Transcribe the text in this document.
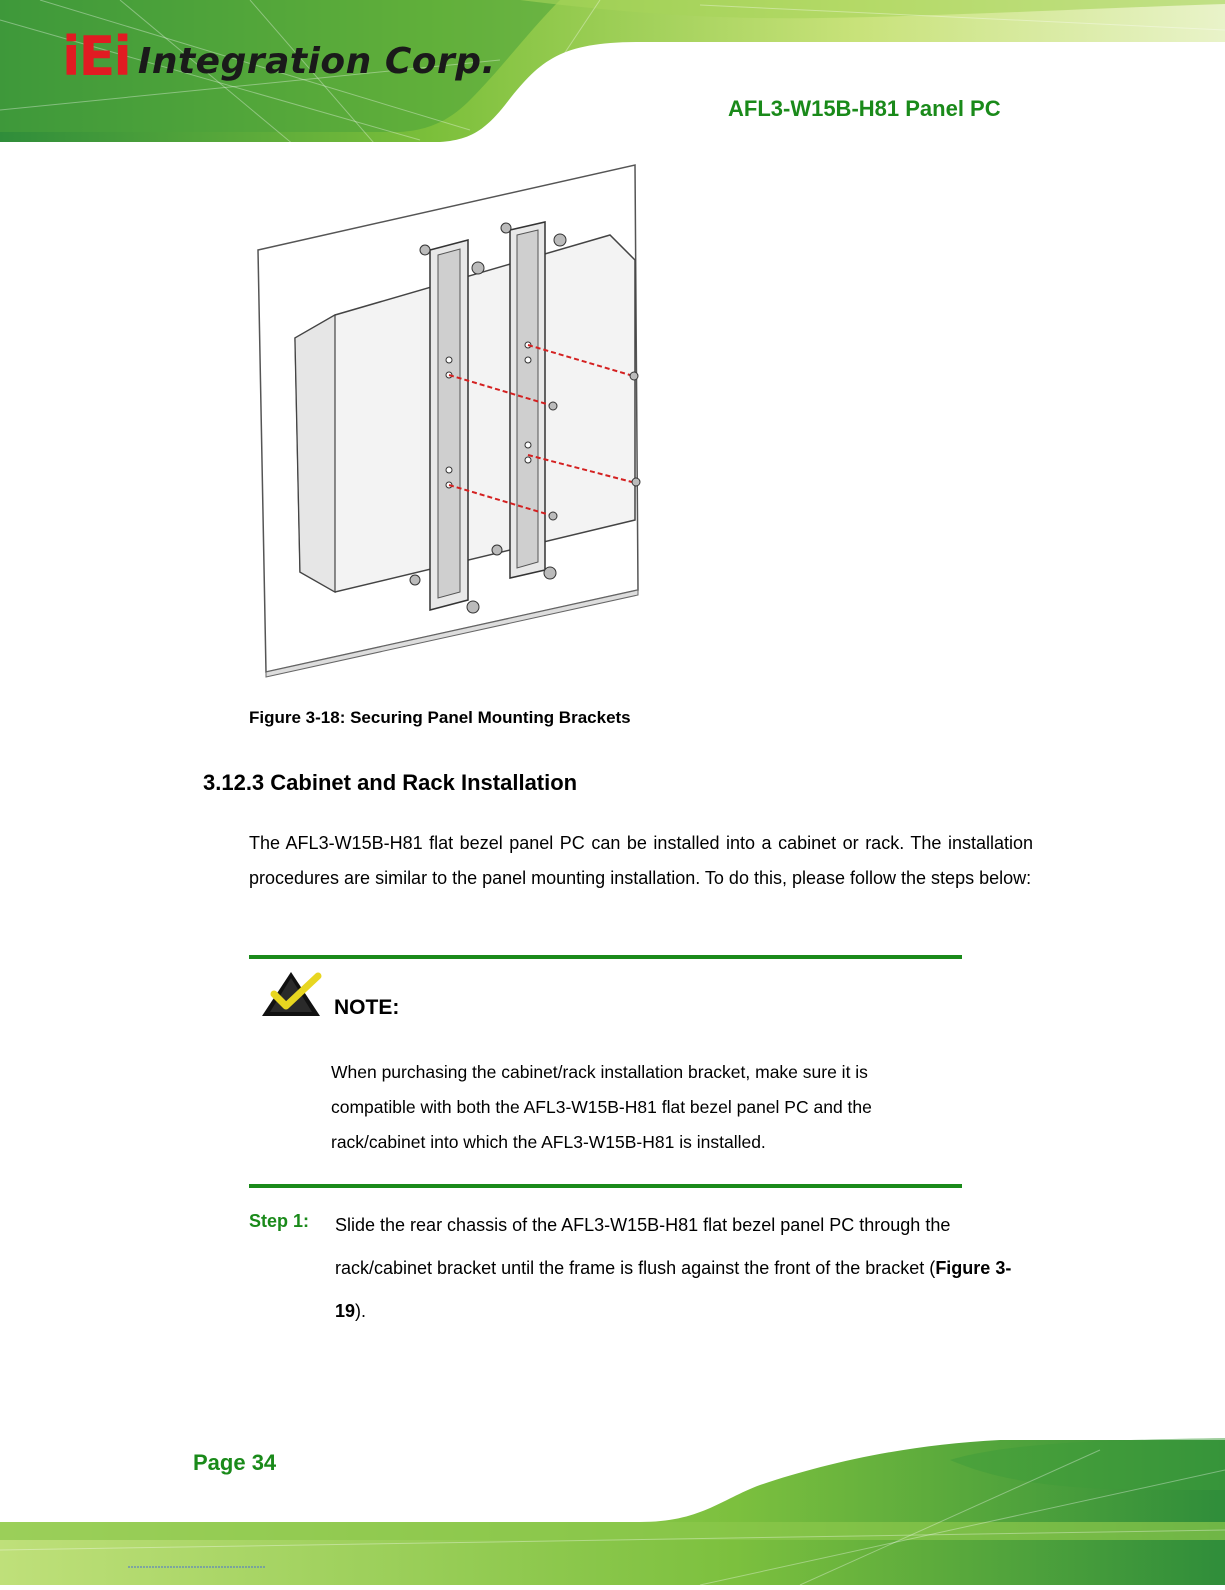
iEi Integration Corp.
AFL3-W15B-H81 Panel PC
Figure 3-18: Securing Panel Mounting Brackets
3.12.3 Cabinet and Rack Installation
The AFL3-W15B-H81 flat bezel panel PC can be installed into a cabinet or rack. The installation procedures are similar to the panel mounting installation. To do this, please follow the steps below:
NOTE:
When purchasing the cabinet/rack installation bracket, make sure it is compatible with both the AFL3-W15B-H81 flat bezel panel PC and the rack/cabinet into which the AFL3-W15B-H81 is installed.
Step 1: Slide the rear chassis of the AFL3-W15B-H81 flat bezel panel PC through the rack/cabinet bracket until the frame is flush against the front of the bracket (Figure 3-19).
Page 34
